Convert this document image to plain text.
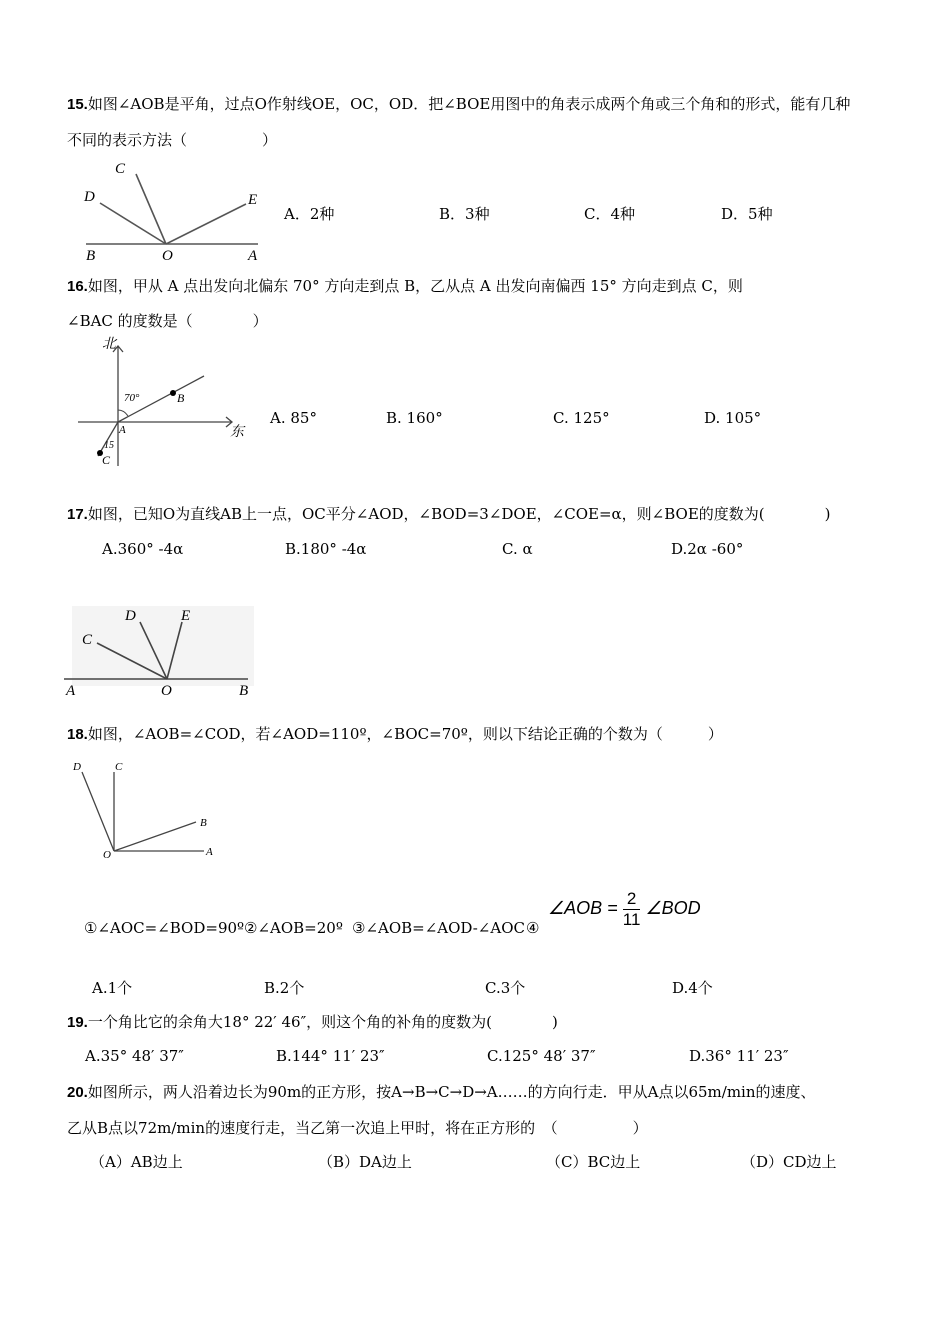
15.如图∠AOB是平角，过点O作射线OE，OC，OD．把∠BOE用图中的角表示成两个角或三个角和的形式，能有几种
不同的表示方法（　　　　　）
C
D	E
B	O	A
A．2种	B．3种	C．4种	D．5种
16.如图，甲从 A 点出发向北偏东 70° 方向走到点 B，乙从点 A 出发向南偏西 15° 方向走到点 C，则
∠BAC 的度数是（　　　　）
北
东
70°
15
A
B
C
A. 85°	B. 160°	C. 125°	D. 105°
17.如图，已知O为直线AB上一点，OC平分∠AOD，∠BOD=3∠DOE，∠COE=α，则∠BOE的度数为(　　　　)
A.360° -4α	B.180° -4α	C. α	D.2α -60°
D	E
C
A	O	B
18.如图，∠AOB=∠COD，若∠AOD=110º，∠BOC=70º，则以下结论正确的个数为（　　　）
D	C
B
O	A
①∠AOC=∠BOD=90º ②∠AOB=20º ③∠AOB=∠AOD-∠AOC ④
∠AOB = $\frac{2}{11}$ ∠BOD
A.1个	B.2个	C.3个	D.4个
19.一个角比它的余角大18° 22′ 46″，则这个角的补角的度数为(　　　　)
A.35° 48′ 37″	B.144° 11′ 23″	C.125° 48′ 37″	D.36° 11′ 23″
20.如图所示，两人沿着边长为90m的正方形，按A→B→C→D→A……的方向行走．甲从A点以65m/min的速度、
乙从B点以72m/min的速度行走，当乙第一次追上甲时，将在正方形的　（　　　　　）
（A）AB边上	（B）DA边上	（C）BC边上	（D）CD边上
